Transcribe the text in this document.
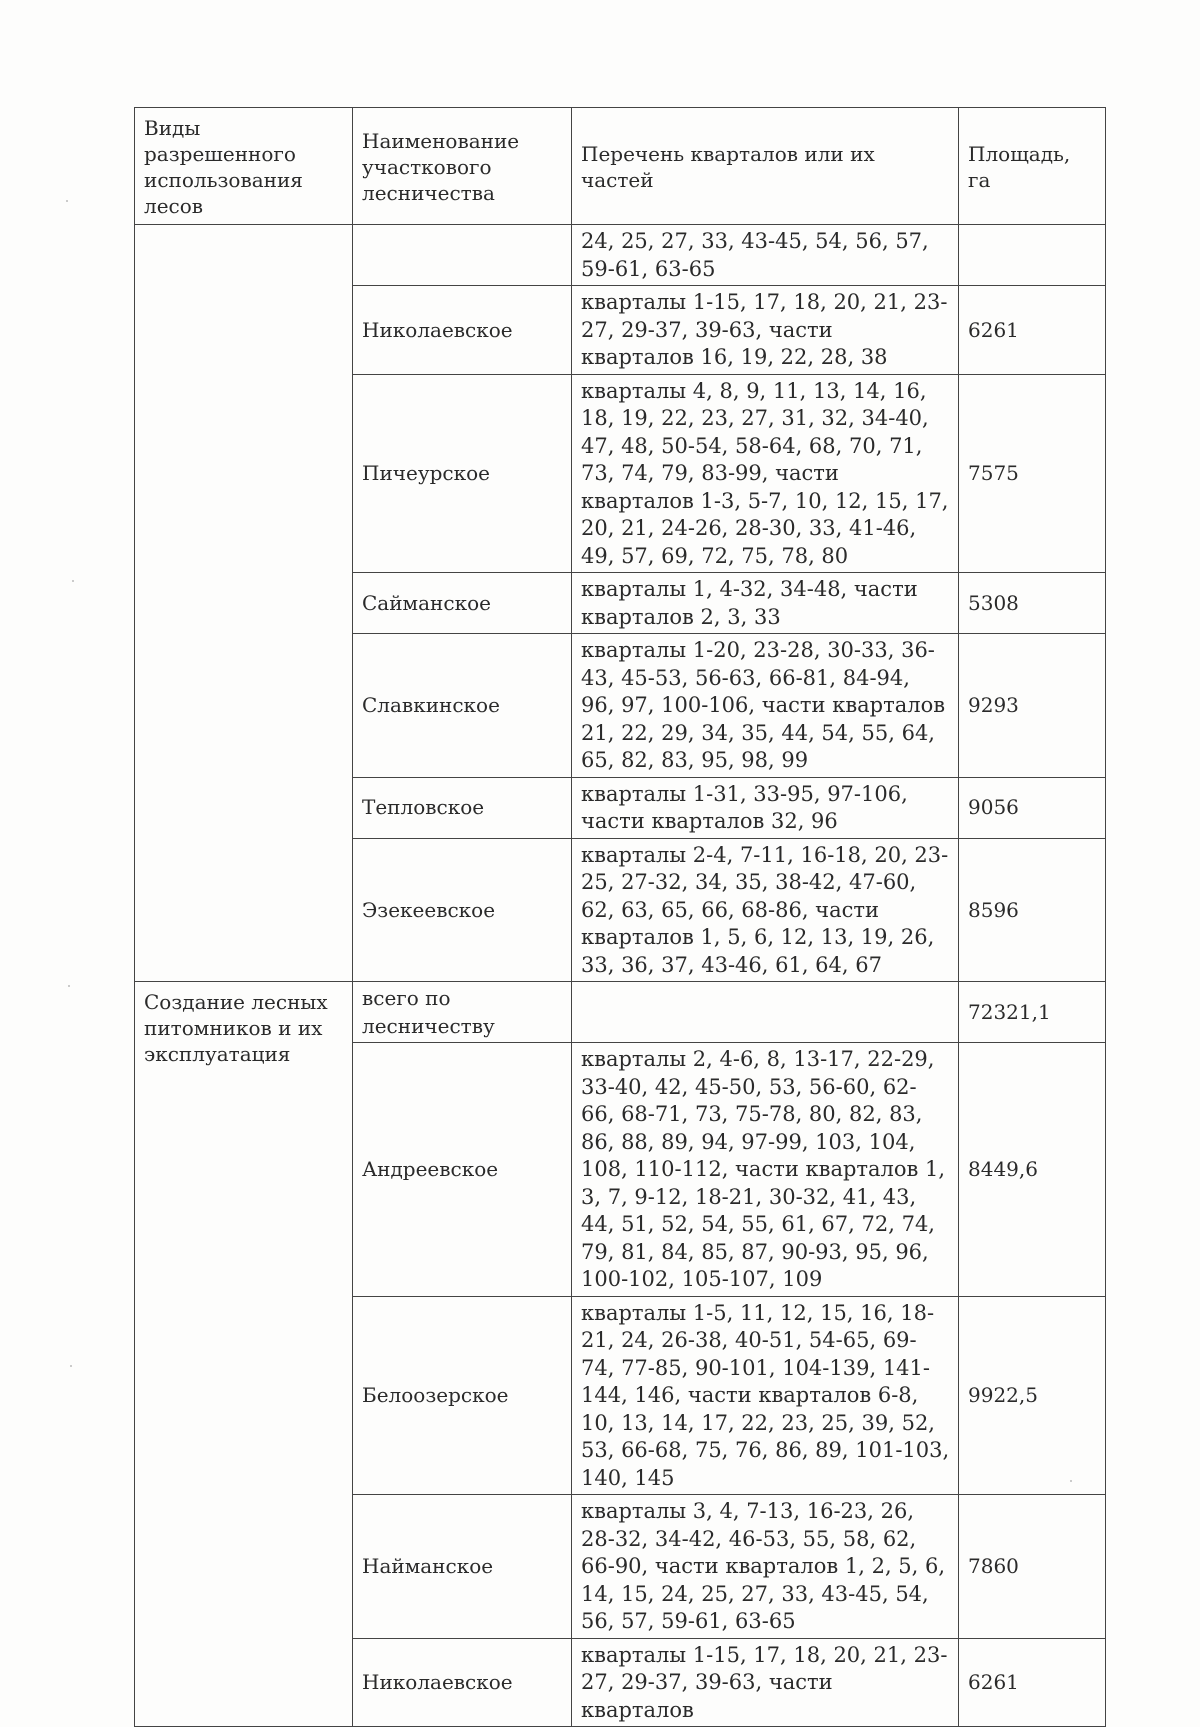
Виды разрешенного использования лесов	Наименование участкового лесничества	Перечень кварталов или их частей	Площадь, га
		24, 25, 27, 33, 43-45, 54, 56, 57, 59-61, 63-65	
	Николаевское	кварталы 1-15, 17, 18, 20, 21, 23-27, 29-37, 39-63, части кварталов 16, 19, 22, 28, 38	6261
	Пичеурское	кварталы 4, 8, 9, 11, 13, 14, 16, 18, 19, 22, 23, 27, 31, 32, 34-40, 47, 48, 50-54, 58-64, 68, 70, 71, 73, 74, 79, 83-99, части кварталов 1-3, 5-7, 10, 12, 15, 17, 20, 21, 24-26, 28-30, 33, 41-46, 49, 57, 69, 72, 75, 78, 80	7575
	Сайманское	кварталы 1, 4-32, 34-48, части кварталов 2, 3, 33	5308
	Славкинское	кварталы 1-20, 23-28, 30-33, 36-43, 45-53, 56-63, 66-81, 84-94, 96, 97, 100-106, части кварталов 21, 22, 29, 34, 35, 44, 54, 55, 64, 65, 82, 83, 95, 98, 99	9293
	Тепловское	кварталы 1-31, 33-95, 97-106, части кварталов 32, 96	9056
	Эзекеевское	кварталы 2-4, 7-11, 16-18, 20, 23-25, 27-32, 34, 35, 38-42, 47-60, 62, 63, 65, 66, 68-86, части кварталов 1, 5, 6, 12, 13, 19, 26, 33, 36, 37, 43-46, 61, 64, 67	8596
Создание лесных питомников и их эксплуатация	всего по лесничеству		72321,1
	Андреевское	кварталы 2, 4-6, 8, 13-17, 22-29, 33-40, 42, 45-50, 53, 56-60, 62-66, 68-71, 73, 75-78, 80, 82, 83, 86, 88, 89, 94, 97-99, 103, 104, 108, 110-112, части кварталов 1, 3, 7, 9-12, 18-21, 30-32, 41, 43, 44, 51, 52, 54, 55, 61, 67, 72, 74, 79, 81, 84, 85, 87, 90-93, 95, 96, 100-102, 105-107, 109	8449,6
	Белоозерское	кварталы 1-5, 11, 12, 15, 16, 18-21, 24, 26-38, 40-51, 54-65, 69-74, 77-85, 90-101, 104-139, 141-144, 146, части кварталов 6-8, 10, 13, 14, 17, 22, 23, 25, 39, 52, 53, 66-68, 75, 76, 86, 89, 101-103, 140, 145	9922,5
	Найманское	кварталы 3, 4, 7-13, 16-23, 26, 28-32, 34-42, 46-53, 55, 58, 62, 66-90, части кварталов 1, 2, 5, 6, 14, 15, 24, 25, 27, 33, 43-45, 54, 56, 57, 59-61, 63-65	7860
	Николаевское	кварталы 1-15, 17, 18, 20, 21, 23-27, 29-37, 39-63, части кварталов	6261
